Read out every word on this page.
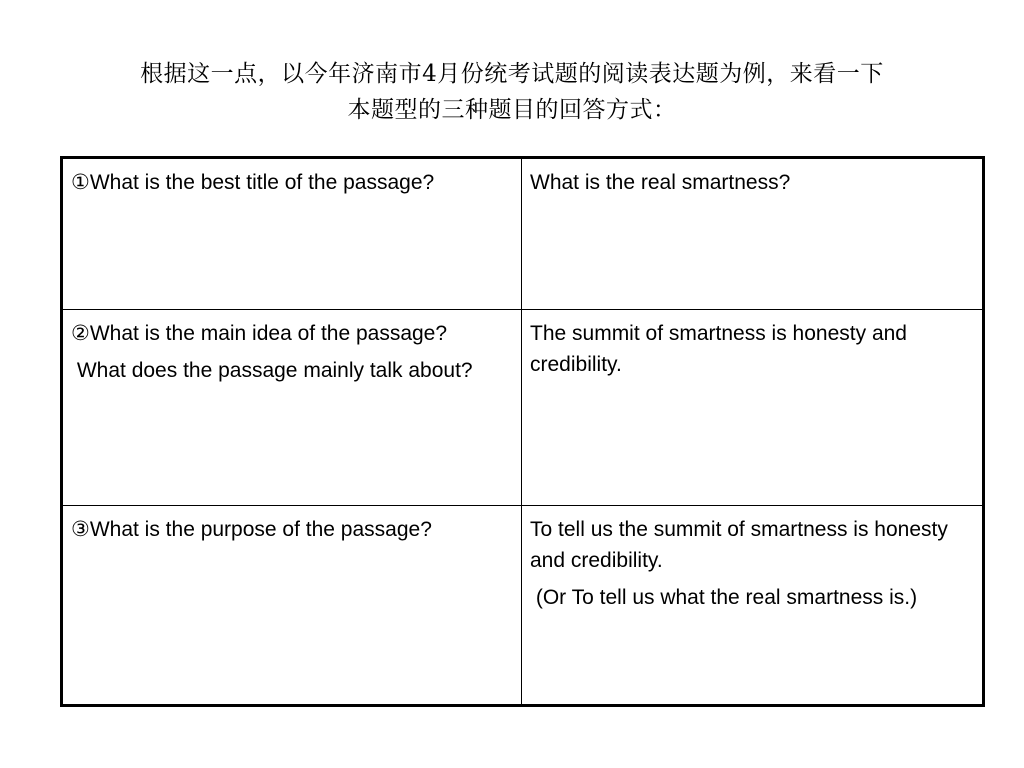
根据这一点，以今年济南市4月份统考试题的阅读表达题为例，来看一下
本题型的三种题目的回答方式：

①What is the best title of the passage?	What is the real smartness?

②What is the main idea of the passage?

What does the passage mainly talk about?	The summit of smartness is honesty and credibility.

③What is the purpose of the passage?	To tell us the summit of smartness is honesty and credibility.

(Or To tell us what the real smartness is.)
